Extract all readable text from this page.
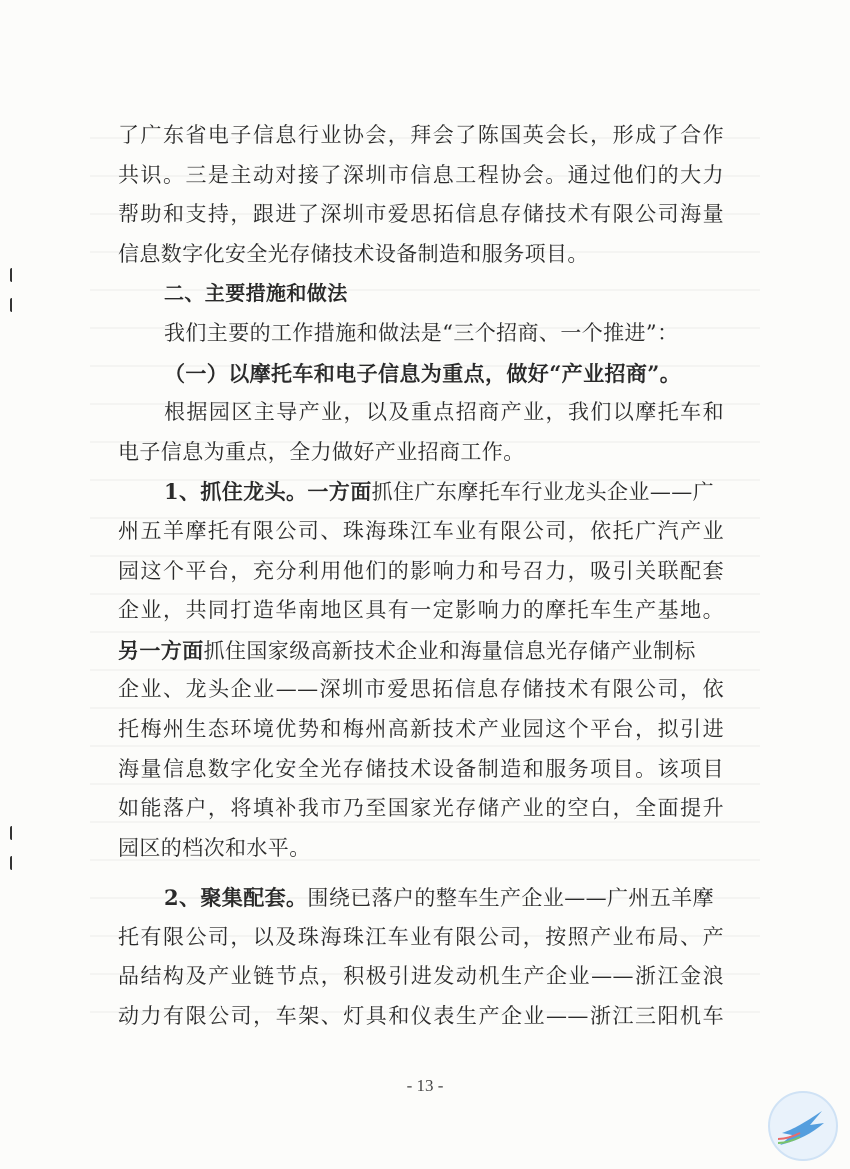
了广东省电子信息行业协会，拜会了陈国英会长，形成了合作
共识。三是主动对接了深圳市信息工程协会。通过他们的大力
帮助和支持，跟进了深圳市爱思拓信息存储技术有限公司海量
信息数字化安全光存储技术设备制造和服务项目。
二、主要措施和做法
我们主要的工作措施和做法是“三个招商、一个推进”：
（一）以摩托车和电子信息为重点，做好“产业招商”。
根据园区主导产业，以及重点招商产业，我们以摩托车和
电子信息为重点，全力做好产业招商工作。
1、抓住龙头。一方面抓住广东摩托车行业龙头企业——广
州五羊摩托有限公司、珠海珠江车业有限公司，依托广汽产业
园这个平台，充分利用他们的影响力和号召力，吸引关联配套
企业，共同打造华南地区具有一定影响力的摩托车生产基地。
另一方面抓住国家级高新技术企业和海量信息光存储产业制标
企业、龙头企业——深圳市爱思拓信息存储技术有限公司，依
托梅州生态环境优势和梅州高新技术产业园这个平台，拟引进
海量信息数字化安全光存储技术设备制造和服务项目。该项目
如能落户，将填补我市乃至国家光存储产业的空白，全面提升
园区的档次和水平。
2、聚集配套。围绕已落户的整车生产企业——广州五羊摩
托有限公司，以及珠海珠江车业有限公司，按照产业布局、产
品结构及产业链节点，积极引进发动机生产企业——浙江金浪
动力有限公司，车架、灯具和仪表生产企业——浙江三阳机车
- 13 -
